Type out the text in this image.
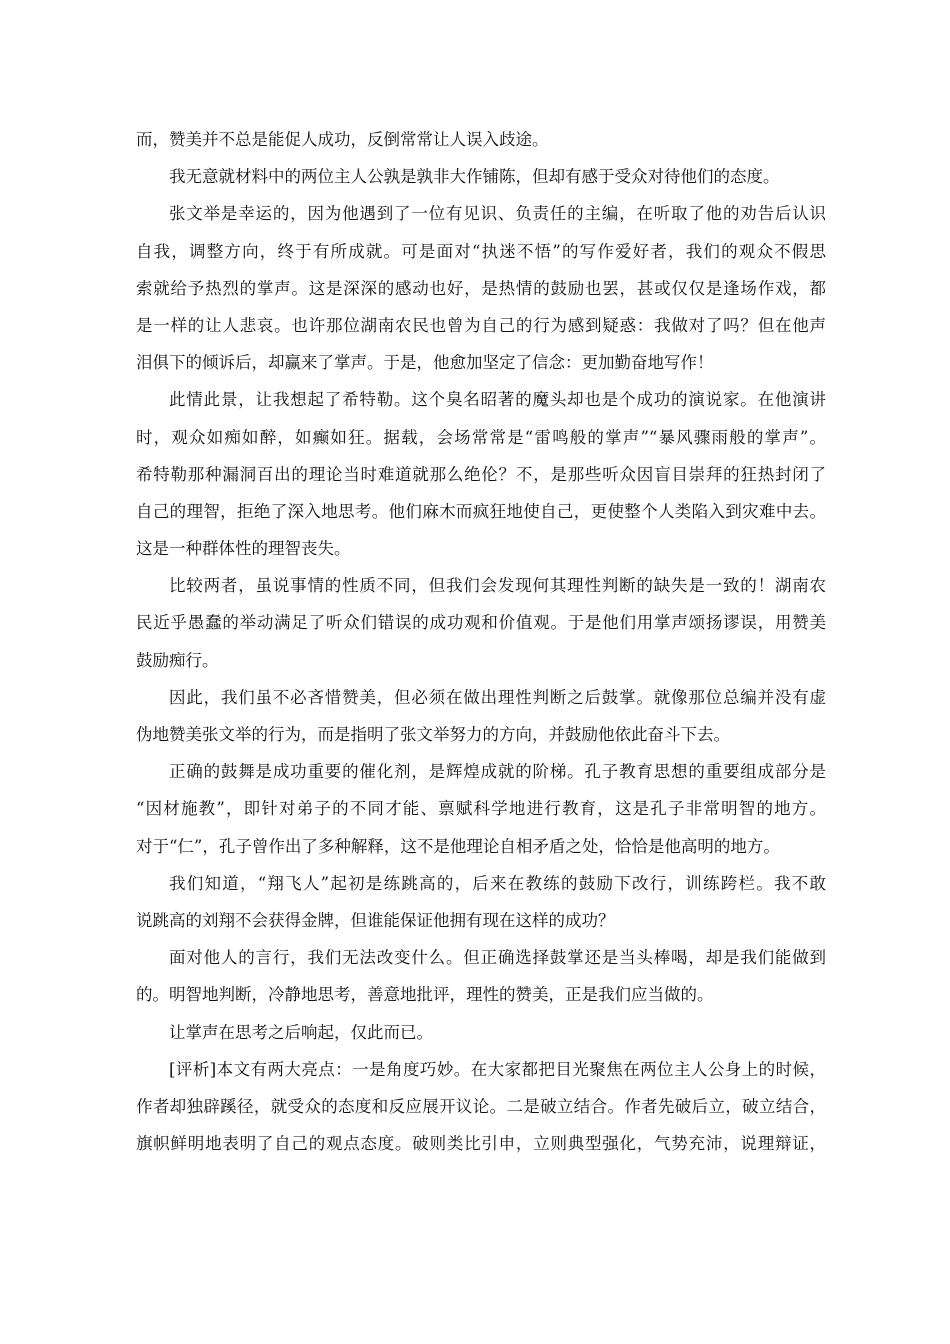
而，赞美并不总是能促人成功，反倒常常让人误入歧途。
我无意就材料中的两位主人公孰是孰非大作铺陈，但却有感于受众对待他们的态度。
张文举是幸运的，因为他遇到了一位有见识、负责任的主编，在听取了他的劝告后认识
自我，调整方向，终于有所成就。可是面对“执迷不悟”的写作爱好者，我们的观众不假思
索就给予热烈的掌声。这是深深的感动也好，是热情的鼓励也罢，甚或仅仅是逢场作戏，都
是一样的让人悲哀。也许那位湖南农民也曾为自己的行为感到疑惑：我做对了吗？但在他声
泪俱下的倾诉后，却赢来了掌声。于是，他愈加坚定了信念：更加勤奋地写作！
此情此景，让我想起了希特勒。这个臭名昭著的魔头却也是个成功的演说家。在他演讲
时，观众如痴如醉，如癫如狂。据载，会场常常是“雷鸣般的掌声”“暴风骤雨般的掌声”。
希特勒那种漏洞百出的理论当时难道就那么绝伦？不，是那些听众因盲目崇拜的狂热封闭了
自己的理智，拒绝了深入地思考。他们麻木而疯狂地使自己，更使整个人类陷入到灾难中去。
这是一种群体性的理智丧失。
比较两者，虽说事情的性质不同，但我们会发现何其理性判断的缺失是一致的！湖南农
民近乎愚蠢的举动满足了听众们错误的成功观和价值观。于是他们用掌声颂扬谬误，用赞美
鼓励痴行。
因此，我们虽不必吝惜赞美，但必须在做出理性判断之后鼓掌。就像那位总编并没有虚
伪地赞美张文举的行为，而是指明了张文举努力的方向，并鼓励他依此奋斗下去。
正确的鼓舞是成功重要的催化剂，是辉煌成就的阶梯。孔子教育思想的重要组成部分是
“因材施教”，即针对弟子的不同才能、禀赋科学地进行教育，这是孔子非常明智的地方。
对于“仁”，孔子曾作出了多种解释，这不是他理论自相矛盾之处，恰恰是他高明的地方。
我们知道，“翔飞人”起初是练跳高的，后来在教练的鼓励下改行，训练跨栏。我不敢
说跳高的刘翔不会获得金牌，但谁能保证他拥有现在这样的成功？
面对他人的言行，我们无法改变什么。但正确选择鼓掌还是当头棒喝，却是我们能做到
的。明智地判断，冷静地思考，善意地批评，理性的赞美，正是我们应当做的。
让掌声在思考之后响起，仅此而已。
[评析]本文有两大亮点：一是角度巧妙。在大家都把目光聚焦在两位主人公身上的时候，
作者却独辟蹊径，就受众的态度和反应展开议论。二是破立结合。作者先破后立，破立结合，
旗帜鲜明地表明了自己的观点态度。破则类比引申，立则典型强化，气势充沛，说理辩证，
